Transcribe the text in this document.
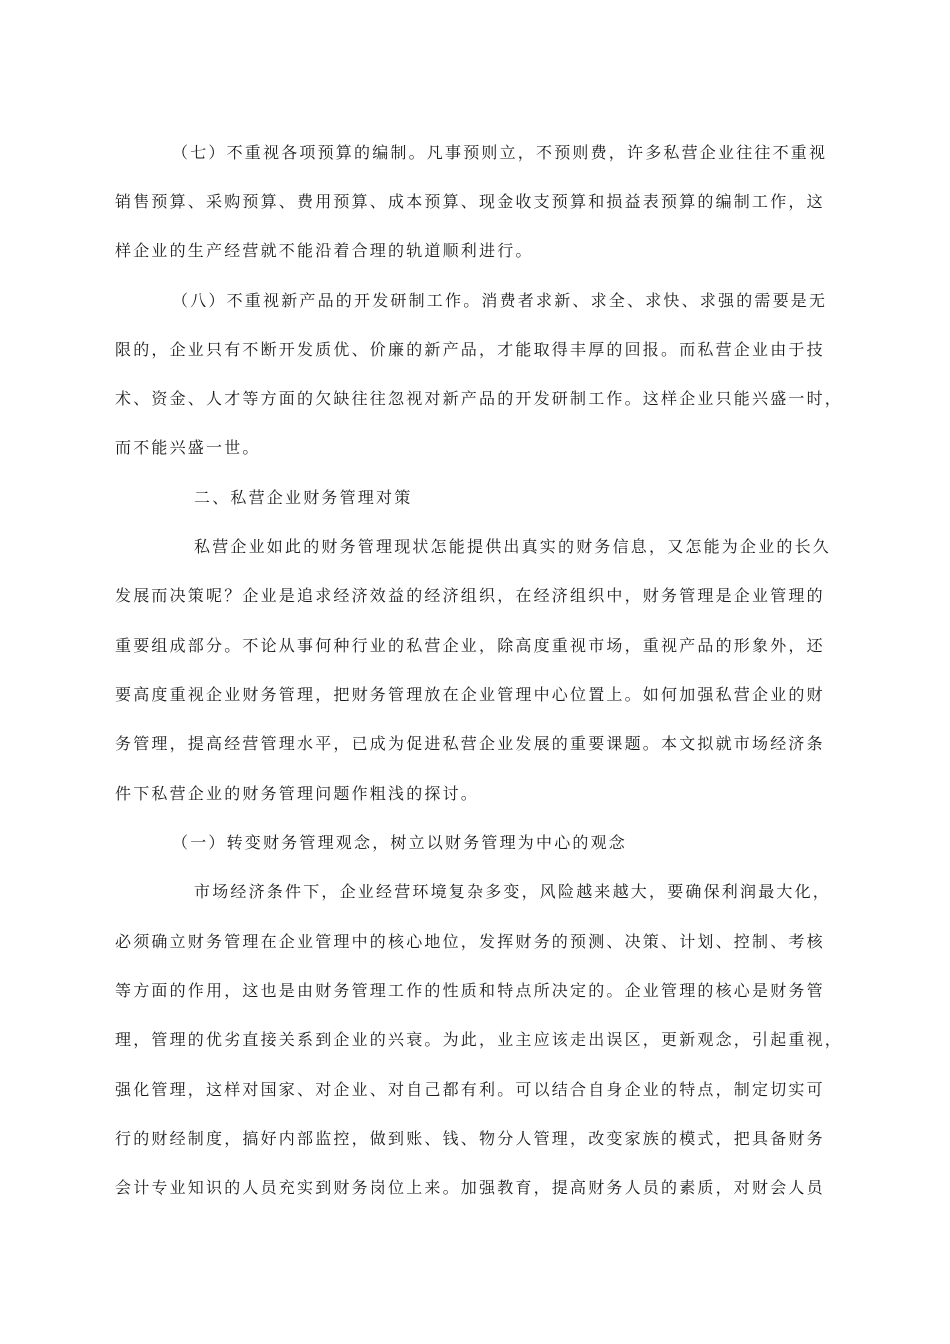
（七）不重视各项预算的编制。凡事预则立，不预则费，许多私营企业往往不重视

销售预算、采购预算、费用预算、成本预算、现金收支预算和损益表预算的编制工作，这

样企业的生产经营就不能沿着合理的轨道顺利进行。

（八）不重视新产品的开发研制工作。消费者求新、求全、求快、求强的需要是无

限的，企业只有不断开发质优、价廉的新产品，才能取得丰厚的回报。而私营企业由于技

术、资金、人才等方面的欠缺往往忽视对新产品的开发研制工作。这样企业只能兴盛一时，

而不能兴盛一世。

二、私营企业财务管理对策

私营企业如此的财务管理现状怎能提供出真实的财务信息，又怎能为企业的长久

发展而决策呢？企业是追求经济效益的经济组织，在经济组织中，财务管理是企业管理的

重要组成部分。不论从事何种行业的私营企业，除高度重视市场，重视产品的形象外，还

要高度重视企业财务管理，把财务管理放在企业管理中心位置上。如何加强私营企业的财

务管理，提高经营管理水平，已成为促进私营企业发展的重要课题。本文拟就市场经济条

件下私营企业的财务管理问题作粗浅的探讨。

（一）转变财务管理观念，树立以财务管理为中心的观念

市场经济条件下，企业经营环境复杂多变，风险越来越大，要确保利润最大化，

必须确立财务管理在企业管理中的核心地位，发挥财务的预测、决策、计划、控制、考核

等方面的作用，这也是由财务管理工作的性质和特点所决定的。企业管理的核心是财务管

理，管理的优劣直接关系到企业的兴衰。为此，业主应该走出误区，更新观念，引起重视，

强化管理，这样对国家、对企业、对自己都有利。可以结合自身企业的特点，制定切实可

行的财经制度，搞好内部监控，做到账、钱、物分人管理，改变家族的模式，把具备财务

会计专业知识的人员充实到财务岗位上来。加强教育，提高财务人员的素质，对财会人员
